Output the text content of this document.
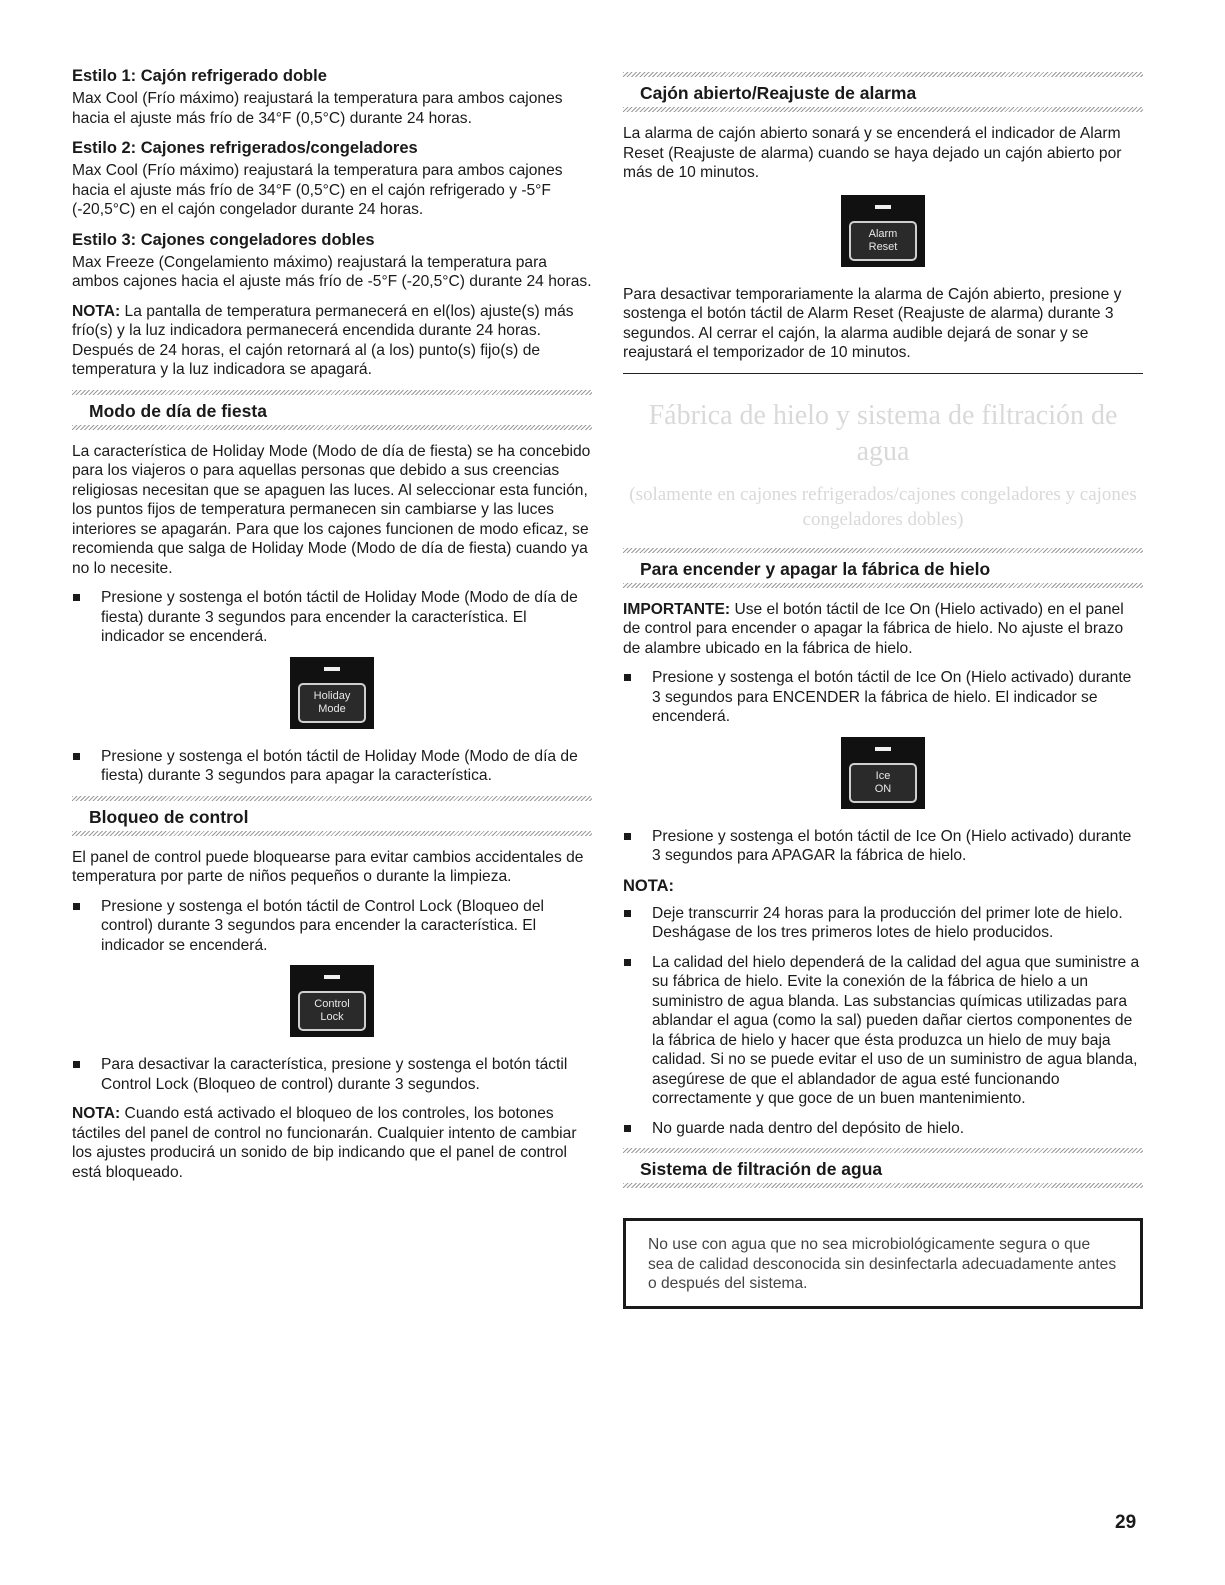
Estilo 1: Cajón refrigerado doble

Max Cool (Frío máximo) reajustará la temperatura para ambos cajones hacia el ajuste más frío de 34°F (0,5°C) durante 24 horas.

Estilo 2: Cajones refrigerados/congeladores

Max Cool (Frío máximo) reajustará la temperatura para ambos cajones hacia el ajuste más frío de 34°F (0,5°C) en el cajón refrigerado y -5°F

(-20,5°C) en el cajón congelador durante 24 horas.

Estilo 3: Cajones congeladores dobles

Max Freeze (Congelamiento máximo) reajustará la temperatura para ambos cajones hacia el ajuste más frío de -5°F (-20,5°C) durante 24 horas.

NOTA: La pantalla de temperatura permanecerá en el(los) ajuste(s) más frío(s) y la luz indicadora permanecerá encendida durante 24 horas. Después de 24 horas, el cajón retornará al (a los) punto(s) fijo(s) de temperatura y la luz indicadora se apagará.

Modo de día de fiesta

La característica de Holiday Mode (Modo de día de fiesta) se ha concebido para los viajeros o para aquellas personas que debido a sus creencias religiosas necesitan que se apaguen las luces. Al seleccionar esta función, los puntos fijos de temperatura permanecen sin cambiarse y las luces interiores se apagarán. Para que los cajones funcionen de modo eficaz, se recomienda que salga de Holiday Mode (Modo de día de fiesta) cuando ya no lo necesite.

Presione y sostenga el botón táctil de Holiday Mode (Modo de día de fiesta) durante 3 segundos para encender la característica. El indicador se encenderá.
Holiday
Mode
Presione y sostenga el botón táctil de Holiday Mode (Modo de día de fiesta) durante 3 segundos para apagar la característica.
Bloqueo de control

El panel de control puede bloquearse para evitar cambios accidentales de temperatura por parte de niños pequeños o durante la limpieza.

Presione y sostenga el botón táctil de Control Lock (Bloqueo del control) durante 3 segundos para encender la característica. El indicador se encenderá.
Control
Lock
Para desactivar la característica, presione y sostenga el botón táctil Control Lock (Bloqueo de control) durante 3 segundos.

NOTA: Cuando está activado el bloqueo de los controles, los botones táctiles del panel de control no funcionarán. Cualquier intento de cambiar los ajustes producirá un sonido de bip indicando que el panel de control está bloqueado.

Cajón abierto/Reajuste de alarma

La alarma de cajón abierto sonará y se encenderá el indicador de Alarm Reset (Reajuste de alarma) cuando se haya dejado un cajón abierto por más de 10 minutos.

Alarm
Reset

Para desactivar temporariamente la alarma de Cajón abierto, presione y sostenga el botón táctil de Alarm Reset (Reajuste de alarma) durante 3 segundos. Al cerrar el cajón, la alarma audible dejará de sonar y se reajustará el temporizador de 10 minutos.

Fábrica de hielo y sistema de filtración de agua
(solamente en cajones refrigerados/cajones congeladores y cajones congeladores dobles)
Para encender y apagar la fábrica de hielo

IMPORTANTE: Use el botón táctil de Ice On (Hielo activado) en el panel de control para encender o apagar la fábrica de hielo. No ajuste el brazo de alambre ubicado en la fábrica de hielo.

Presione y sostenga el botón táctil de Ice On (Hielo activado) durante 3 segundos para ENCENDER la fábrica de hielo. El indicador se encenderá.
Ice
ON
Presione y sostenga el botón táctil de Ice On (Hielo activado) durante 3 segundos para APAGAR la fábrica de hielo.
NOTA:
Deje transcurrir 24 horas para la producción del primer lote de hielo. Deshágase de los tres primeros lotes de hielo producidos.
La calidad del hielo dependerá de la calidad del agua que suministre a su fábrica de hielo. Evite la conexión de la fábrica de hielo a un suministro de agua blanda. Las substancias químicas utilizadas para ablandar el agua (como la sal) pueden dañar ciertos componentes de la fábrica de hielo y hacer que ésta produzca un hielo de muy baja calidad. Si no se puede evitar el uso de un suministro de agua blanda, asegúrese de que el ablandador de agua esté funcionando correctamente y que goce de un buen mantenimiento.
No guarde nada dentro del depósito de hielo.
Sistema de filtración de agua

No use con agua que no sea microbiológicamente segura o que sea de calidad desconocida sin desinfectarla adecuadamente antes o después del sistema.

29
